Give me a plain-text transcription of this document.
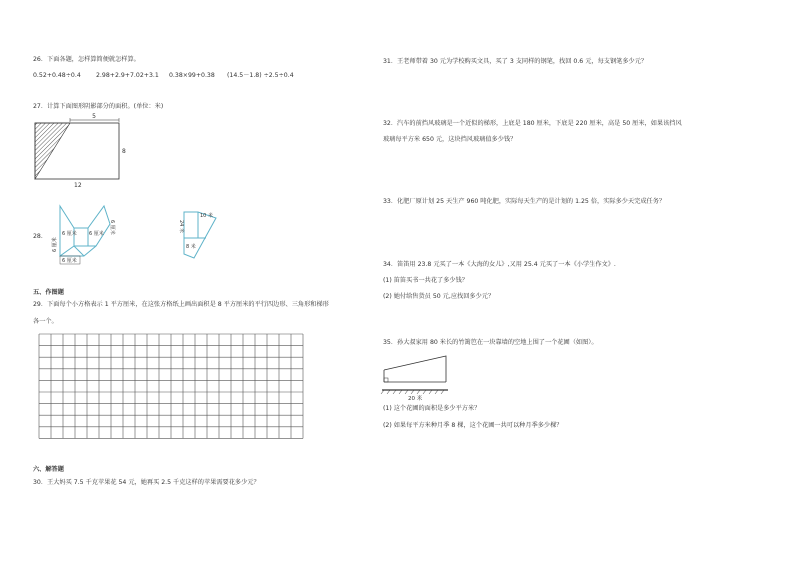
26．下面各题，怎样算简便就怎样算。
0.52+0.48÷0.4 2.98+2.9+7.02+3.1 0.38×99+0.38 (14.5－1.8) ÷2.5÷0.4
27．计算下面图形阴影部分的面积。(单位：米)
5
8
12
28．	6 厘米 6 厘米 6 厘米
6 厘米
6 厘米
10 米
24 米
8 米
五、作图题
29．下面每个小方格表示 1 平方厘米，在这张方格纸上画出面积是 8 平方厘米的平行四边形、三角形和梯形
各一个。
六、解答题
30．王大妈买 7.5 千克苹果花 54 元，她再买 2.5 千克这样的苹果需要花多少元？
31．王老师带着 30 元为学校购买文具，买了 3 支同样的钢笔，找回 0.6 元，每支钢笔多少元？
32．汽车的前挡风玻璃是一个近似的梯形，上底是 180 厘米，下底是 220 厘米，高是 50 厘米，如果该挡风
玻璃每平方米 650 元，这块挡风玻璃值多少钱？
33．化肥厂原计划 25 天生产 960 吨化肥，实际每天生产的是计划的 1.25 倍，实际多少天完成任务？
34．笛笛用 23.8 元买了一本《大海的女儿》,又用 25.4 元买了一本《小学生作文》.
(1) 笛笛买书一共花了多少钱？
(2) 她付给售货员 50 元,应找回多少元？
35．孙大叔家用 80 米长的竹篱笆在一块靠墙的空地上围了一个花圃（如图）。
20 米
(1) 这个花圃的面积是多少平方米？
(2) 如果每平方米种月季 8 棵，这个花圃一共可以种月季多少棵？
